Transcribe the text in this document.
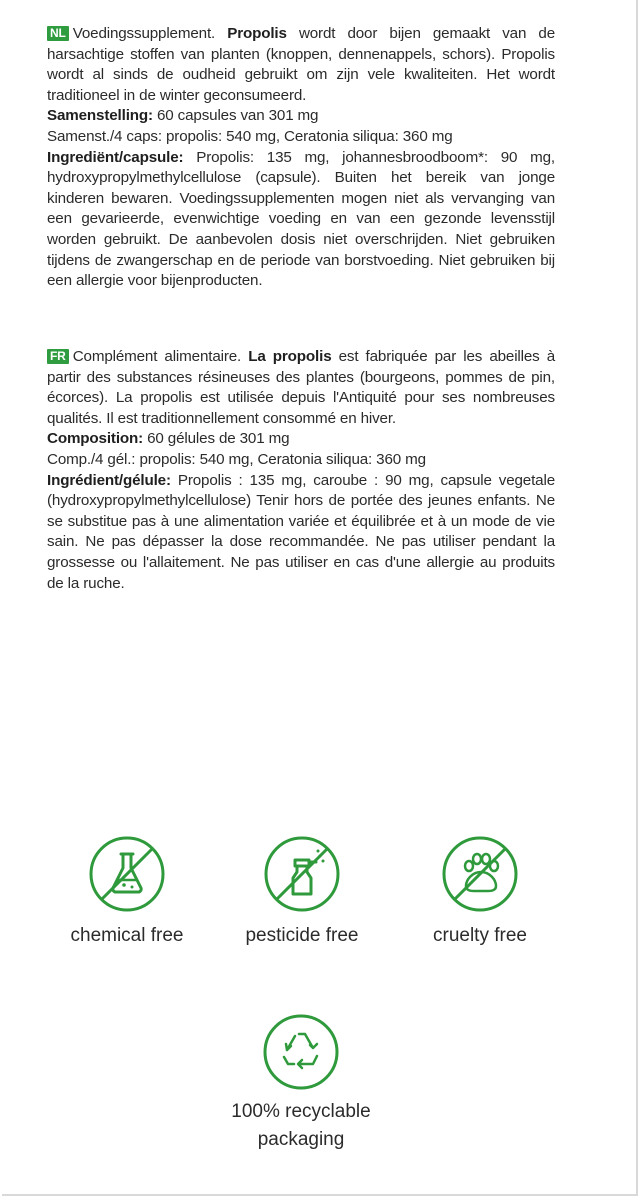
NL Voedingssupplement. Propolis wordt door bijen gemaakt van de harsachtige stoffen van planten (knoppen, dennenappels, schors). Propolis wordt al sinds de oudheid gebruikt om zijn vele kwaliteiten. Het wordt traditioneel in de winter geconsumeerd.
Samenstelling: 60 capsules van 301 mg
Samenst./4 caps: propolis: 540 mg, Ceratonia siliqua: 360 mg
Ingrediënt/capsule: Propolis: 135 mg, johannesbroodboom*: 90 mg, hydroxypropylmethylcellulose (capsule). Buiten het bereik van jonge kinderen bewaren. Voedingssupplementen mogen niet als vervanging van een gevarieerde, evenwichtige voeding en van een gezonde levensstijl worden gebruikt. De aanbevolen dosis niet overschrijden. Niet gebruiken tijdens de zwangerschap en de periode van borstvoeding. Niet gebruiken bij een allergie voor bijenproducten.
FR Complément alimentaire. La propolis est fabriquée par les abeilles à partir des substances résineuses des plantes (bourgeons, pommes de pin, écorces). La propolis est utilisée depuis l'Antiquité pour ses nombreuses qualités. Il est traditionnellement consommé en hiver.
Composition: 60 gélules de 301 mg
Comp./4 gél.: propolis: 540 mg, Ceratonia siliqua: 360 mg
Ingrédient/gélule: Propolis : 135 mg, caroube : 90 mg, capsule vegetale (hydroxypropylmethylcellulose) Tenir hors de portée des jeunes enfants. Ne se substitue pas à une alimentation variée et équilibrée et à un mode de vie sain. Ne pas dépasser la dose recommandée. Ne pas utiliser pendant la grossesse ou l'allaitement. Ne pas utiliser en cas d'une allergie au produits de la ruche.
chemical free	pesticide free	cruelty free
100% recyclable
packaging
